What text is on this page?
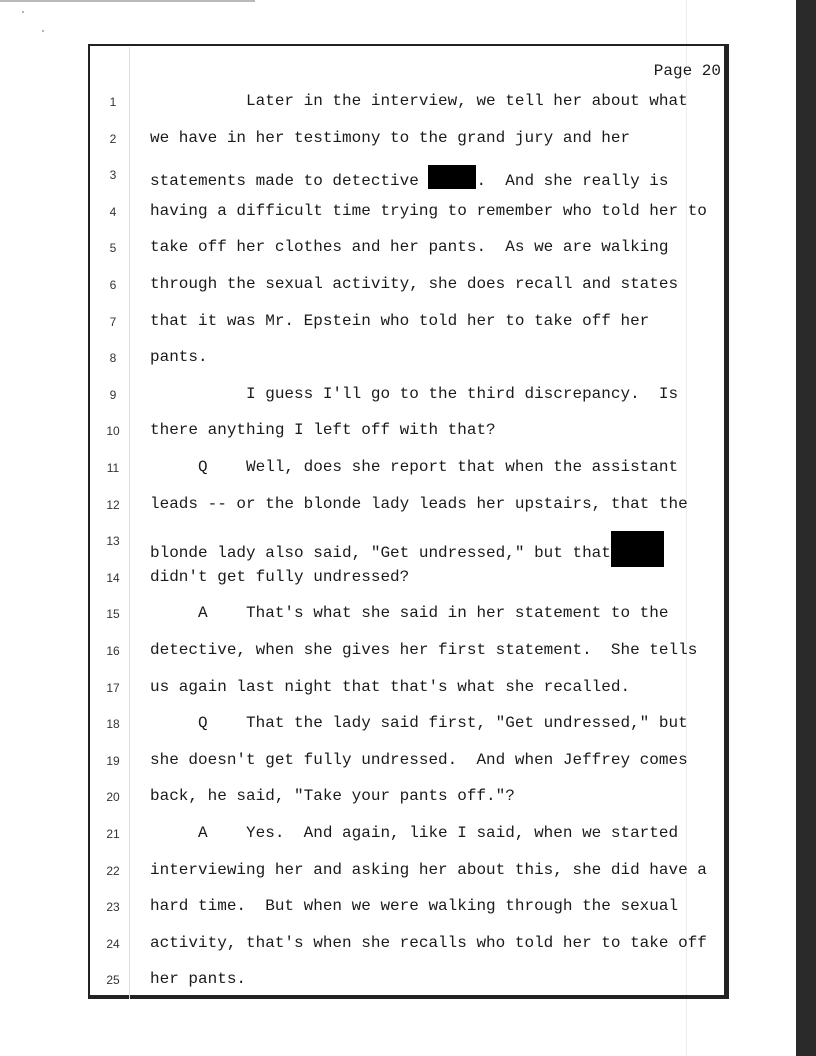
Page 20
1	Later in the interview, we tell her about what
2	we have in her testimony to the grand jury and her
3	statements made to detective	.  And she really is
4	having a difficult time trying to remember who told her to
5	take off her clothes and her pants.  As we are walking
6	through the sexual activity, she does recall and states
7	that it was Mr. Epstein who told her to take off her
8	pants.
9	I guess I'll go to the third discrepancy.  Is
10	there anything I left off with that?
11	Q    Well, does she report that when the assistant
12	leads -- or the blonde lady leads her upstairs, that the
13
blonde lady also said, "Get undressed," but that
14	didn't get fully undressed?
15	A    That's what she said in her statement to the
16	detective, when she gives her first statement.  She tells
17	us again last night that that's what she recalled.
18	Q    That the lady said first, "Get undressed," but
19	she doesn't get fully undressed.  And when Jeffrey comes
20	back, he said, "Take your pants off."?
21	A    Yes.  And again, like I said, when we started
22	interviewing her and asking her about this, she did have a
23	hard time.  But when we were walking through the sexual
24	activity, that's when she recalls who told her to take off
25	her pants.
